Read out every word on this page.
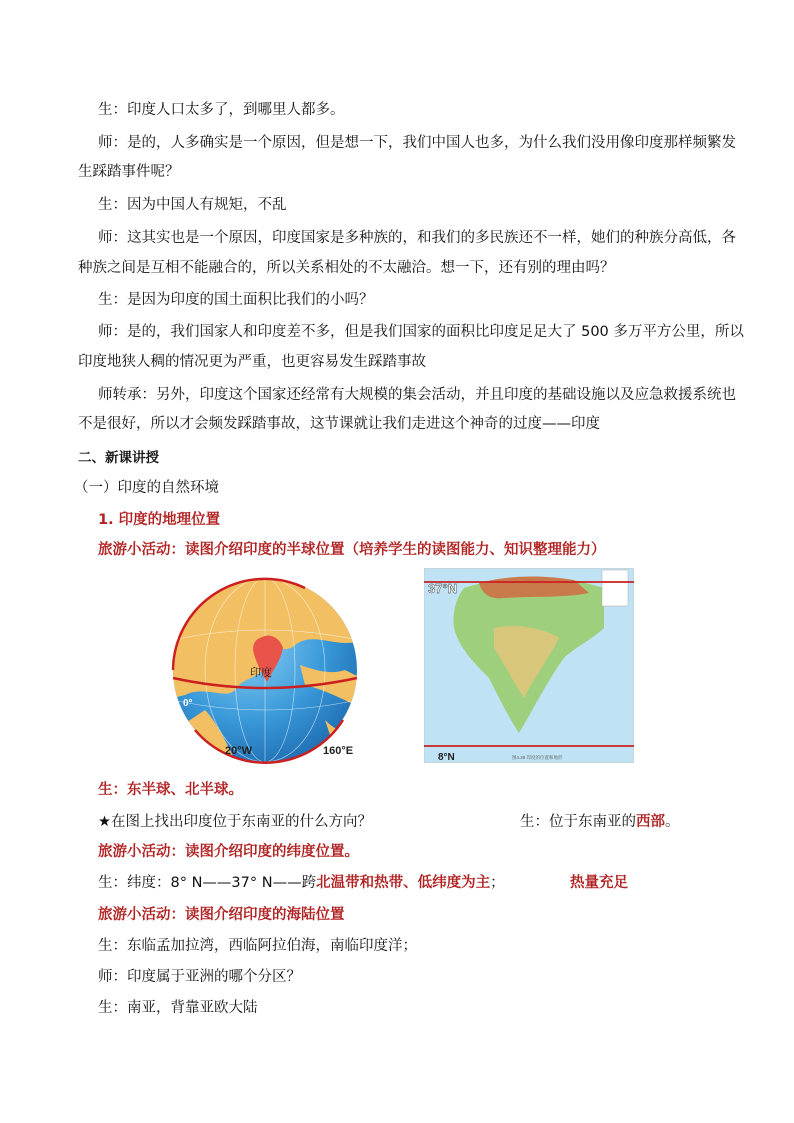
生：印度人口太多了，到哪里人都多。
师：是的，人多确实是一个原因，但是想一下，我们中国人也多，为什么我们没用像印度那样频繁发
生踩踏事件呢？
生：因为中国人有规矩，不乱
师：这其实也是一个原因，印度国家是多种族的，和我们的多民族还不一样，她们的种族分高低，各
种族之间是互相不能融合的，所以关系相处的不太融洽。想一下，还有别的理由吗？
生：是因为印度的国土面积比我们的小吗？
师：是的，我们国家人和印度差不多，但是我们国家的面积比印度足足大了 500 多万平方公里，所以
印度地狭人稠的情况更为严重，也更容易发生踩踏事故
师转承：另外，印度这个国家还经常有大规模的集会活动，并且印度的基础设施以及应急救援系统也
不是很好，所以才会频发踩踏事故，这节课就让我们走进这个神奇的过度——印度
二、新课讲授
（一）印度的自然环境
1. 印度的地理位置
旅游小活动：读图介绍印度的半球位置（培养学生的读图能力、知识整理能力）
印度
0°
20°W	160°E
37°N
8°N	图4.25 印度的位置和地形
生：东半球、北半球。
★在图上找出印度位于东南亚的什么方向？	生：位于东南亚的西部。
旅游小活动：读图介绍印度的纬度位置。
生：纬度：8° N——37° N——跨北温带和热带、低纬度为主；	热量充足
旅游小活动：读图介绍印度的海陆位置
生：东临孟加拉湾，西临阿拉伯海，南临印度洋；
师：印度属于亚洲的哪个分区？
生：南亚，背靠亚欧大陆
